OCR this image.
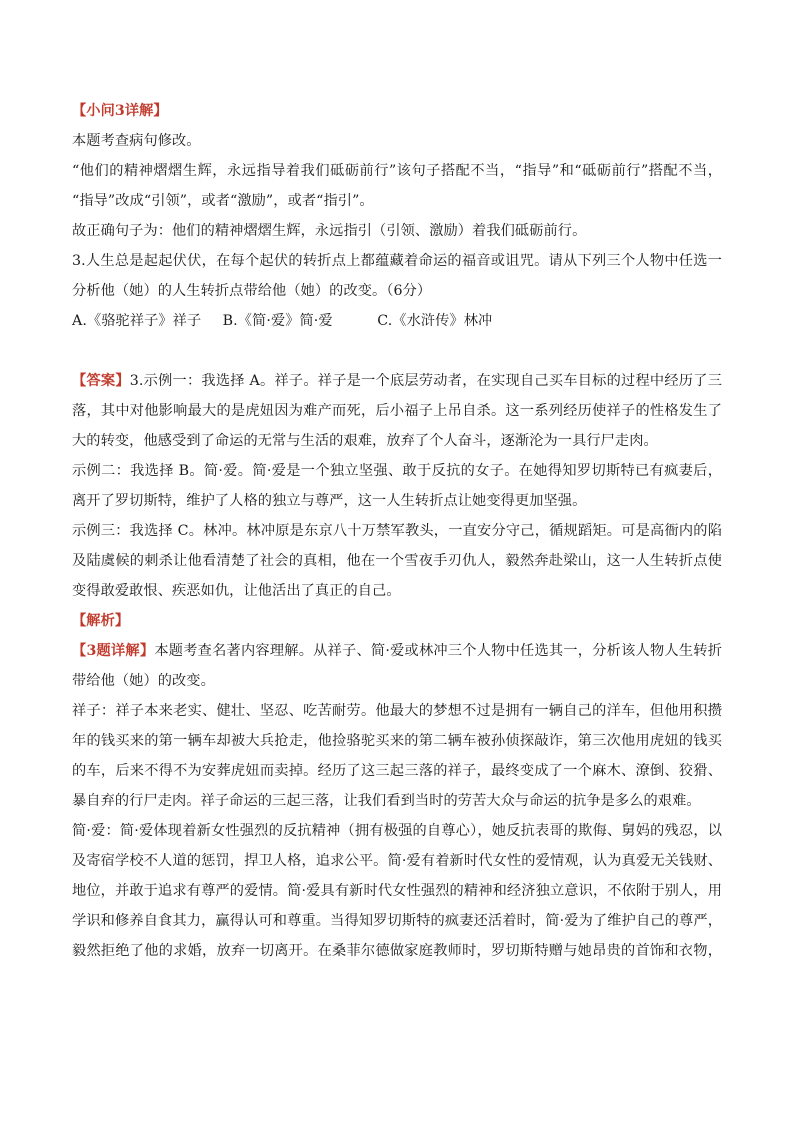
【小问3详解】
本题考查病句修改。
“他们的精神熠熠生辉，永远指导着我们砥砺前行”该句子搭配不当，“指导”和“砥砺前行”搭配不当，
“指导”改成“引领”，或者“激励”，或者“指引”。
故正确句子为：他们的精神熠熠生辉，永远指引（引领、激励）着我们砥砺前行。
3.人生总是起起伏伏，在每个起伏的转折点上都蕴藏着命运的福音或诅咒。请从下列三个人物中任选一
分析他（她）的人生转折点带给他（她）的改变。（6分）
A.《骆驼祥子》祥子 B.《简·爱》简·爱	C.《水浒传》林冲
【答案】3.示例一：我选择 A。祥子。祥子是一个底层劳动者，在实现自己买车目标的过程中经历了三
落，其中对他影响最大的是虎妞因为难产而死，后小福子上吊自杀。这一系列经历使祥子的性格发生了
大的转变，他感受到了命运的无常与生活的艰难，放弃了个人奋斗，逐渐沦为一具行尸走肉。
示例二：我选择 B。简·爱。简·爱是一个独立坚强、敢于反抗的女子。在她得知罗切斯特已有疯妻后，
离开了罗切斯特，维护了人格的独立与尊严，这一人生转折点让她变得更加坚强。
示例三：我选择 C。林冲。林冲原是东京八十万禁军教头，一直安分守己，循规蹈矩。可是高衙内的陷
及陆虞候的刺杀让他看清楚了社会的真相，他在一个雪夜手刃仇人，毅然奔赴梁山，这一人生转折点使
变得敢爱敢恨、疾恶如仇，让他活出了真正的自己。
【解析】
【3题详解】本题考查名著内容理解。从祥子、简·爱或林冲三个人物中任选其一，分析该人物人生转折
带给他（她）的改变。
祥子：祥子本来老实、健壮、坚忍、吃苦耐劳。他最大的梦想不过是拥有一辆自己的洋车，但他用积攒
年的钱买来的第一辆车却被大兵抢走，他捡骆驼买来的第二辆车被孙侦探敲诈，第三次他用虎妞的钱买
的车，后来不得不为安葬虎妞而卖掉。经历了这三起三落的祥子，最终变成了一个麻木、潦倒、狡猾、
暴自弃的行尸走肉。祥子命运的三起三落，让我们看到当时的劳苦大众与命运的抗争是多么的艰难。
简·爱：简·爱体现着新女性强烈的反抗精神（拥有极强的自尊心），她反抗表哥的欺侮、舅妈的残忍，以
及寄宿学校不人道的惩罚，捍卫人格，追求公平。简·爱有着新时代女性的爱情观，认为真爱无关钱财、
地位，并敢于追求有尊严的爱情。简·爱具有新时代女性强烈的精神和经济独立意识，不依附于别人，用
学识和修养自食其力，赢得认可和尊重。当得知罗切斯特的疯妻还活着时，简·爱为了维护自己的尊严，
毅然拒绝了他的求婚，放弃一切离开。在桑菲尔德做家庭教师时，罗切斯特赠与她昂贵的首饰和衣物，
